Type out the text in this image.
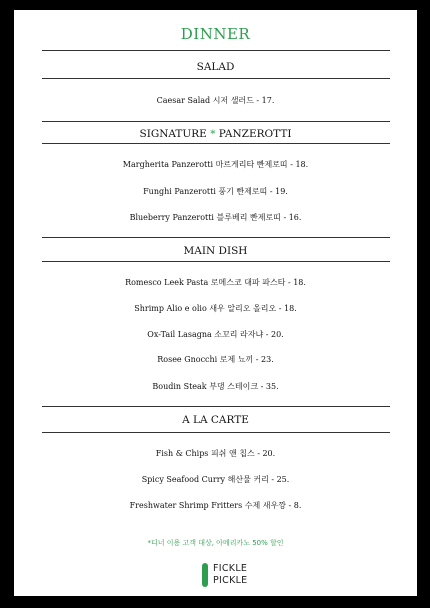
DINNER
SALAD
Caesar Salad 시저 샐러드 - 17.
SIGNATURE * PANZEROTTI
Margherita Panzerotti 마르게리타 빤제로띠 - 18.
Funghi Panzerotti 풍기 빤제로띠 - 19.
Blueberry Panzerotti 블루베리 빤제로띠 - 16.
MAIN DISH
Romesco Leek Pasta 로메스코 대파 파스타 - 18.
Shrimp Alio e olio 새우 알리오 올리오 - 18.
Ox-Tail Lasagna 소꼬리 라자냐 - 20.
Rosee Gnocchi 로제 뇨끼 - 23.
Boudin Steak 부댕 스테이크 - 35.
A LA CARTE
Fish & Chips 피쉬 앤 칩스 - 20.
Spicy Seafood Curry 해산물 커리 - 25.
Freshwater Shrimp Fritters 수제 새우깡 - 8.
*디너 이용 고객 대상, 아메리카노 50% 할인
FICKLE
PICKLE
